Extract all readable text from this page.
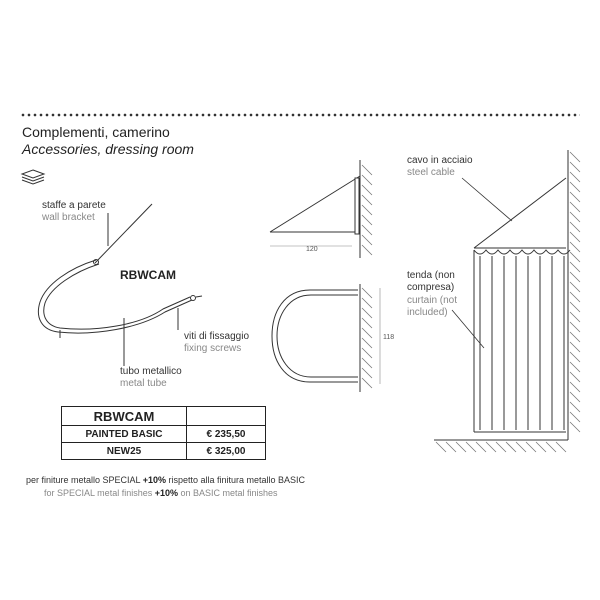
Complementi, camerino
Accessories, dressing room
staffe a parete
wall bracket
RBWCAM
viti di fissaggio
fixing screws
tubo metallico
metal tube
120
118
cavo in acciaio
steel cable
tenda (non
compresa)
curtain (not
included)
RBWCAM	
PAINTED BASIC	€ 235,50
NEW25	€ 325,00
per finiture metallo SPECIAL +10% rispetto alla finitura metallo BASIC
for SPECIAL metal finishes +10% on BASIC metal finishes
